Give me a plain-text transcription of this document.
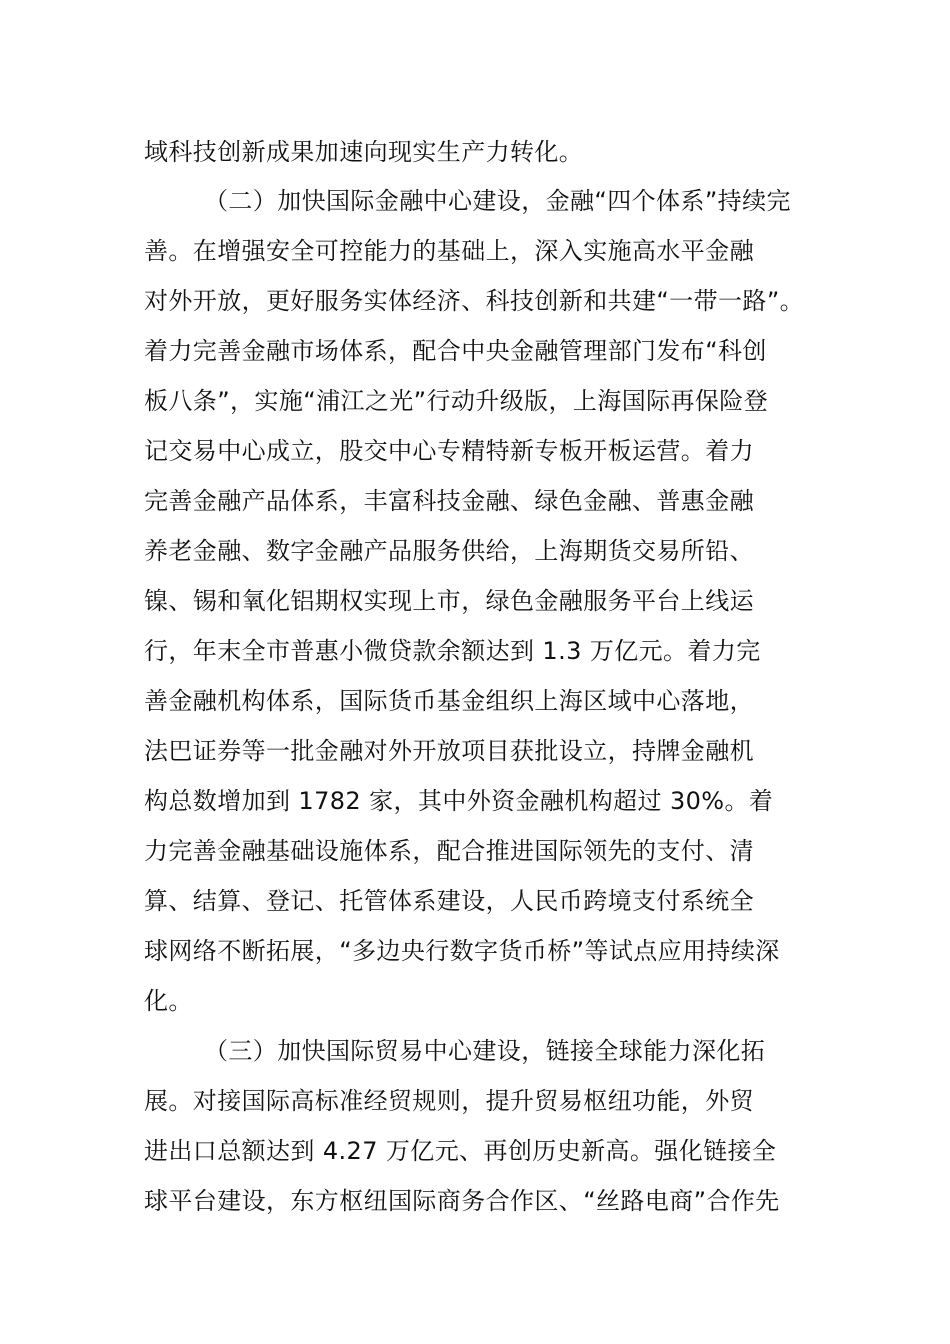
域科技创新成果加速向现实生产力转化。
（二）加快国际金融中心建设，金融“四个体系”持续完
善。在增强安全可控能力的基础上，深入实施高水平金融
对外开放，更好服务实体经济、科技创新和共建“一带一路”。
着力完善金融市场体系，配合中央金融管理部门发布“科创
板八条”，实施“浦江之光”行动升级版，上海国际再保险登
记交易中心成立，股交中心专精特新专板开板运营。着力
完善金融产品体系，丰富科技金融、绿色金融、普惠金融
养老金融、数字金融产品服务供给，上海期货交易所铅、
镍、锡和氧化铝期权实现上市，绿色金融服务平台上线运
行，年末全市普惠小微贷款余额达到 1.3 万亿元。着力完
善金融机构体系，国际货币基金组织上海区域中心落地，
法巴证券等一批金融对外开放项目获批设立，持牌金融机
构总数增加到 1782 家，其中外资金融机构超过 30%。着
力完善金融基础设施体系，配合推进国际领先的支付、清
算、结算、登记、托管体系建设，人民币跨境支付系统全
球网络不断拓展，“多边央行数字货币桥”等试点应用持续深
化。
（三）加快国际贸易中心建设，链接全球能力深化拓
展。对接国际高标准经贸规则，提升贸易枢纽功能，外贸
进出口总额达到 4.27 万亿元、再创历史新高。强化链接全
球平台建设，东方枢纽国际商务合作区、“丝路电商”合作先
